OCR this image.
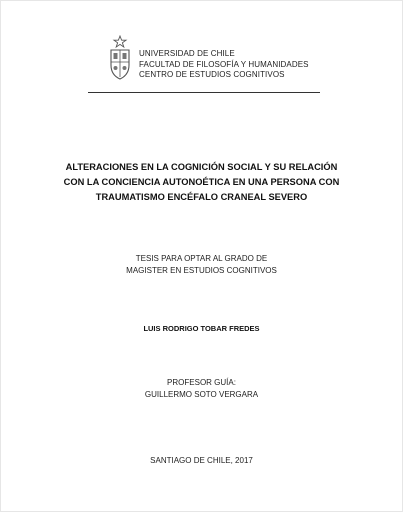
UNIVERSIDAD DE CHILE
FACULTAD DE FILOSOFÍA Y HUMANIDADES
CENTRO DE ESTUDIOS COGNITIVOS
ALTERACIONES EN LA COGNICIÓN SOCIAL Y SU RELACIÓN
CON LA CONCIENCIA AUTONOÉTICA EN UNA PERSONA CON
TRAUMATISMO ENCÉFALO CRANEAL SEVERO
TESIS PARA OPTAR AL GRADO DE
MAGISTER EN ESTUDIOS COGNITIVOS
LUIS RODRIGO TOBAR FREDES
PROFESOR GUÍA:
GUILLERMO SOTO VERGARA
SANTIAGO DE CHILE, 2017
